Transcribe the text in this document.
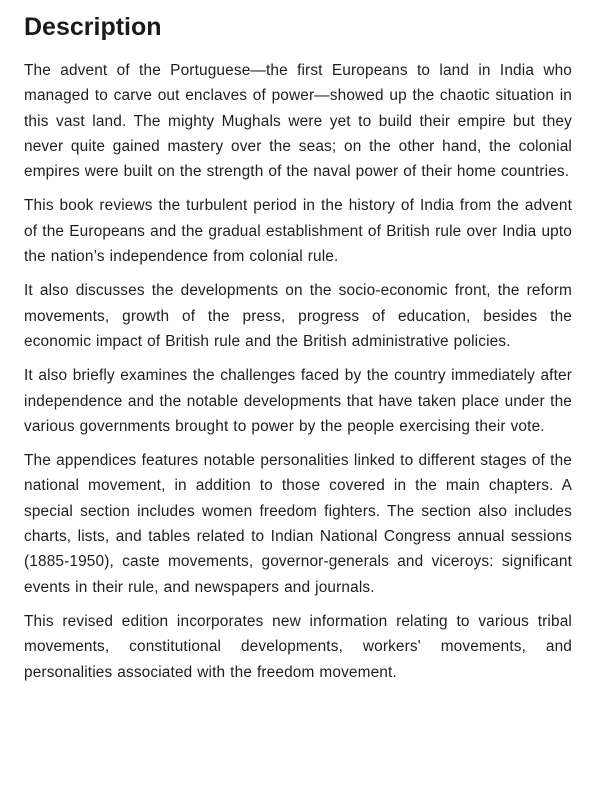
Description

The advent of the Portuguese—the first Europeans to land in India who managed to carve out enclaves of power—showed up the chaotic situation in this vast land. The mighty Mughals were yet to build their empire but they never quite gained mastery over the seas; on the other hand, the colonial empires were built on the strength of the naval power of their home countries.

This book reviews the turbulent period in the history of India from the advent of the Europeans and the gradual establishment of British rule over India upto the nation’s independence from colonial rule.

It also discusses the developments on the socio-economic front, the reform movements, growth of the press, progress of education, besides the economic impact of British rule and the British administrative policies.

It also briefly examines the challenges faced by the country immediately after independence and the notable developments that have taken place under the various governments brought to power by the people exercising their vote.

The appendices features notable personalities linked to different stages of the national movement, in addition to those covered in the main chapters. A special section includes women freedom fighters. The section also includes charts, lists, and tables related to Indian National Congress annual sessions (1885-1950), caste movements, governor-generals and viceroys: significant events in their rule, and newspapers and journals.

This revised edition incorporates new information relating to various tribal movements, constitutional developments, workers' movements, and personalities associated with the freedom movement.
